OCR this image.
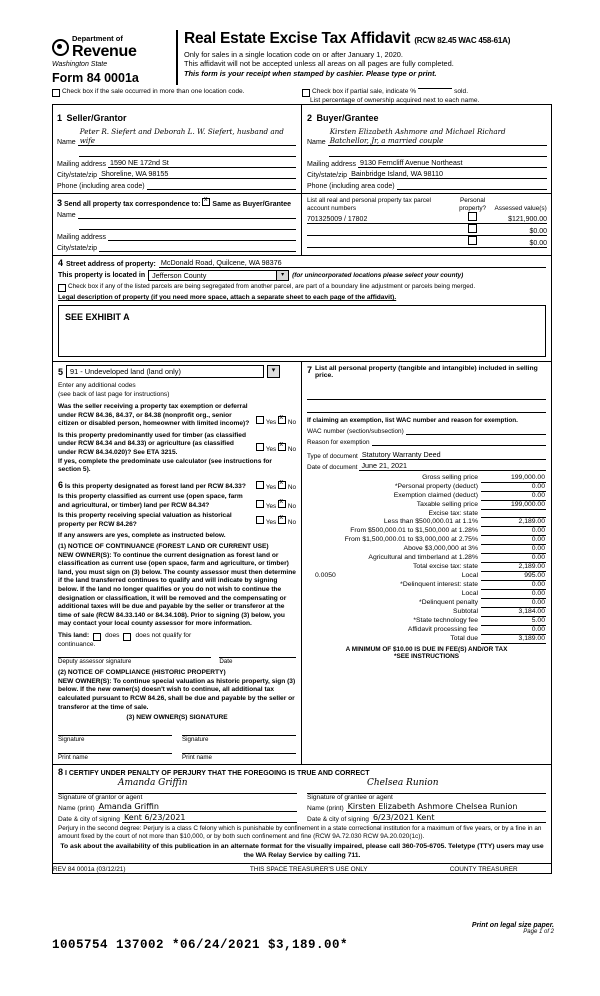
Department of
Revenue
Washington State
Form 84 0001a
Real Estate Excise Tax Affidavit (RCW 82.45 WAC 458-61A)
Only for sales in a single location code on or after January 1, 2020.
This affidavit will not be accepted unless all areas on all pages are fully completed.
This form is your receipt when stamped by cashier. Please type or print.
Check box if the sale occurred in more than one location code.	Check box if partial sale, indicate %	sold.
List percentage of ownership acquired next to each name.
1 Seller/Grantor
Name
Peter R. Siefert and Deborah L. W. Siefert, husband and wife
Mailing address 1590 NE 172nd St
City/state/zip Shoreline, WA 98155
Phone (including area code)
2 Buyer/Grantee
Name
Kirsten Elizabeth Ashmore and Michael Richard Batchellor, Jr, a married couple
Mailing address 9130 Ferncliff Avenue Northeast
City/state/zip Bainbridge Island, WA 98110
Phone (including area code)
3 Send all property tax correspondence to: x Same as Buyer/Grantee
Name
Mailing address
City/state/zip
List all real and personal property tax parcel account numbers	Personal property?	Assessed value(s)
701325009 / 17802		$121,900.00
		$0.00
		$0.00
4 Street address of property: McDonald Road, Quilcene, WA 98376
This property is located in Jefferson County	▾	(for unincorporated locations please select your county)
Check box if any of the listed parcels are being segregated from another parcel, are part of a boundary line adjustment or parcels being merged.
Legal description of property (if you need more space, attach a separate sheet to each page of the affidavit).
SEE EXHIBIT A
5 91 - Undeveloped land (land only)	▾
Enter any additional codes
(see back of last page for instructions)
Was the seller receiving a property tax exemption or deferral under RCW 84.36, 84.37, or 84.38 (nonprofit org., senior citizen or disabled person, homeowner with limited income)?	Yes x No
Is this property predominantly used for timber (as classified under RCW 84.34 and 84.33) or agriculture (as classified under RCW 84.34.020)? See ETA 3215.	Yes x No
If yes, complete the predominate use calculator (see instructions for section 5).
6 Is this property designated as forest land per RCW 84.33?	Yes x No
Is this property classified as current use (open space, farm and agricultural, or timber) land per RCW 84.34?	Yes x No
Is this property receiving special valuation as historical property per RCW 84.26?	Yes x No
If any answers are yes, complete as instructed below.
(1) NOTICE OF CONTINUANCE (FOREST LAND OR CURRENT USE)
NEW OWNER(S): To continue the current designation as forest land or classification as current use (open space, farm and agriculture, or timber) land, you must sign on (3) below. The county assessor must then determine if the land transferred continues to qualify and will indicate by signing below. If the land no longer qualifies or you do not wish to continue the designation or classification, it will be removed and the compensating or additional taxes will be due and payable by the seller or transferor at the time of sale (RCW 84.33.140 or 84.34.108). Prior to signing (3) below, you may contact your local county assessor for more information.
This land: does does not qualify for
continuance.
Deputy assessor signature	Date
(2) NOTICE OF COMPLIANCE (HISTORIC PROPERTY)
NEW OWNER(S): To continue special valuation as historic property, sign (3) below. If the new owner(s) doesn't wish to continue, all additional tax calculated pursuant to RCW 84.26, shall be due and payable by the seller or transferor at the time of sale.
(3) NEW OWNER(S) SIGNATURE
Signature	Signature
Print name	Print name
7 List all personal property (tangible and intangible) included in selling price.
If claiming an exemption, list WAC number and reason for exemption.
WAC number (section/subsection)
Reason for exemption
Type of document Statutory Warranty Deed
Date of document June 21, 2021
Gross selling price	199,000.00
*Personal property (deduct)	0.00
Exemption claimed (deduct)	0.00
Taxable selling price	199,000.00
Excise tax: state	
Less than $500,000.01 at 1.1%	2,189.00
From $500,000.01 to $1,500,000 at 1.28%	0.00
From $1,500,000.01 to $3,000,000 at 2.75%	0.00
Above $3,000,000 at 3%	0.00
Agricultural and timberland at 1.28%	0.00
Total excise tax: state	2,189.00

0.0050 Local	995.00
*Delinquent interest: state	0.00
Local	0.00
*Delinquent penalty	0.00
Subtotal	3,184.00
*State technology fee	5.00
Affidavit processing fee	0.00
Total due	3,189.00
A MINIMUM OF $10.00 IS DUE IN FEE(S) AND/OR TAX
*SEE INSTRUCTIONS
8 I CERTIFY UNDER PENALTY OF PERJURY THAT THE FOREGOING IS TRUE AND CORRECT
Amanda Griffin
Signature of grantor or agent
Chelsea Runion
Signature of grantee or agent
Name (print) Amanda Griffin	Name (print) Kirsten Elizabeth Ashmore Chelsea Runion
Date & city of signing Kent 6/23/2021	Date & city of signing 6/23/2021 Kent
Perjury in the second degree: Perjury is a class C felony which is punishable by confinement in a state correctional institution for a maximum of five years, or by a fine in an amount fixed by the court of not more than $10,000, or by both such confinement and fine (RCW 9A.72.030 RCW 9A.20.020(1c)).
To ask about the availability of this publication in an alternate format for the visually impaired, please call 360-705-6705. Teletype (TTY) users may use the WA Relay Service by calling 711.
REV 84 0001a (03/12/21)	THIS SPACE TREASURER'S USE ONLY	COUNTY TREASURER
Print on legal size paper.
Page 1 of 2
1005754 137002 *06/24/2021 $3,189.00*
